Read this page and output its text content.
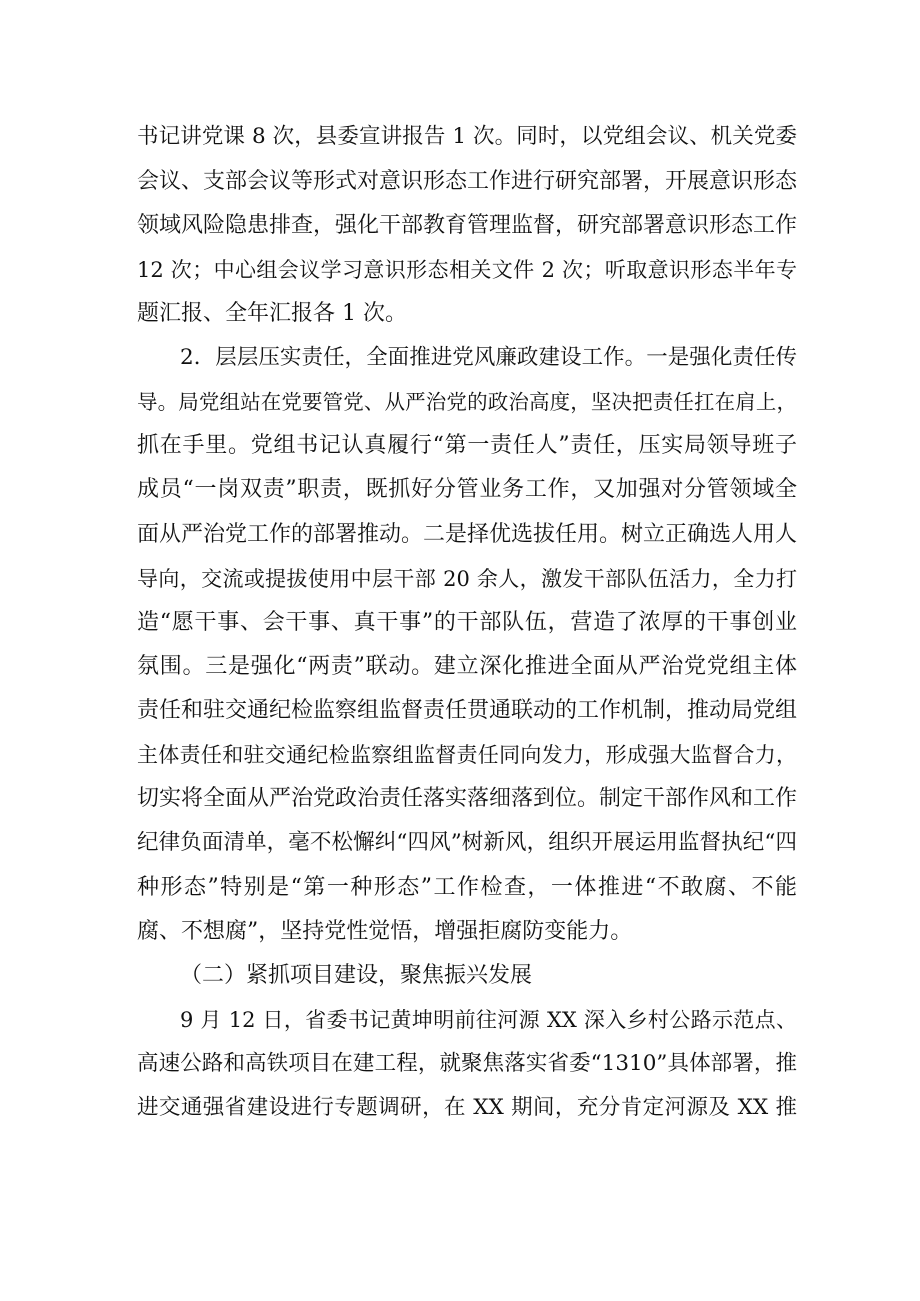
书记讲党课 8 次，县委宣讲报告 1 次。同时，以党组会议、机关党委
会议、支部会议等形式对意识形态工作进行研究部署，开展意识形态
领域风险隐患排查，强化干部教育管理监督，研究部署意识形态工作
12 次；中心组会议学习意识形态相关文件 2 次；听取意识形态半年专
题汇报、全年汇报各 1 次。
2．层层压实责任，全面推进党风廉政建设工作。一是强化责任传
导。局党组站在党要管党、从严治党的政治高度，坚决把责任扛在肩上，
抓在手里。党组书记认真履行“第一责任人”责任，压实局领导班子
成员“一岗双责”职责，既抓好分管业务工作，又加强对分管领域全
面从严治党工作的部署推动。二是择优选拔任用。树立正确选人用人
导向，交流或提拔使用中层干部 20 余人，激发干部队伍活力，全力打
造“愿干事、会干事、真干事”的干部队伍，营造了浓厚的干事创业
氛围。三是强化“两责”联动。建立深化推进全面从严治党党组主体
责任和驻交通纪检监察组监督责任贯通联动的工作机制，推动局党组
主体责任和驻交通纪检监察组监督责任同向发力，形成强大监督合力，
切实将全面从严治党政治责任落实落细落到位。制定干部作风和工作
纪律负面清单，毫不松懈纠“四风”树新风，组织开展运用监督执纪“四
种形态”特别是“第一种形态”工作检查，一体推进“不敢腐、不能
腐、不想腐”，坚持党性觉悟，增强拒腐防变能力。
（二）紧抓项目建设，聚焦振兴发展
9 月 12 日，省委书记黄坤明前往河源 XX 深入乡村公路示范点、
高速公路和高铁项目在建工程，就聚焦落实省委“1310”具体部署，推
进交通强省建设进行专题调研，在 XX 期间，充分肯定河源及 XX 推
